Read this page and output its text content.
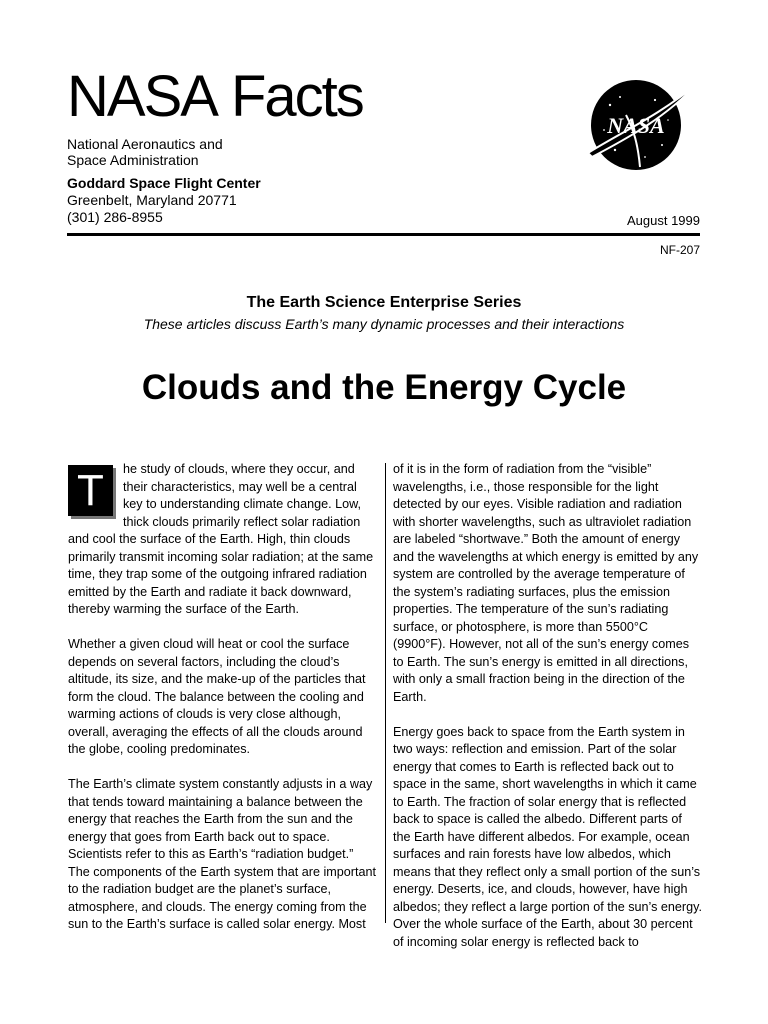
NASA Facts
National Aeronautics and
Space Administration
Goddard Space Flight Center
Greenbelt, Maryland 20771
(301) 286-8955
NASA
August 1999
NF-207
The Earth Science Enterprise Series
These articles discuss Earth’s many dynamic processes and their interactions
Clouds and the Energy Cycle

T	he study of clouds, where they occur, and their characteristics, may well be a central key to understanding climate change. Low, thick clouds primarily reflect solar radiation and cool the surface of the Earth. High, thin clouds primarily transmit incoming solar radiation; at the same time, they trap some of the outgoing infrared radiation emitted by the Earth and radiate it back downward, thereby warming the surface of the Earth.

Whether a given cloud will heat or cool the surface depends on several factors, including the cloud’s altitude, its size, and the make-up of the particles that form the cloud. The balance between the cooling and warming actions of clouds is very close although, overall, averaging the effects of all the clouds around the globe, cooling predominates.

The Earth’s climate system constantly adjusts in a way that tends toward maintaining a balance between the energy that reaches the Earth from the sun and the energy that goes from Earth back out to space. Scientists refer to this as Earth’s “radiation budget.” The components of the Earth system that are important to the radiation budget are the planet’s surface, atmosphere, and clouds. The energy coming from the sun to the Earth’s surface is called solar energy. Most

of it is in the form of radiation from the “visible” wavelengths, i.e., those responsible for the light detected by our eyes. Visible radiation and radiation with shorter wavelengths, such as ultraviolet radiation are labeled “shortwave.” Both the amount of energy and the wavelengths at which energy is emitted by any system are controlled by the average temperature of the system’s radiating surfaces, plus the emission properties. The temperature of the sun’s radiating surface, or photosphere, is more than 5500°C (9900°F). However, not all of the sun’s energy comes to Earth. The sun’s energy is emitted in all directions, with only a small fraction being in the direction of the Earth.

Energy goes back to space from the Earth system in two ways: reflection and emission. Part of the solar energy that comes to Earth is reflected back out to space in the same, short wavelengths in which it came to Earth. The fraction of solar energy that is reflected back to space is called the albedo. Different parts of the Earth have different albedos. For example, ocean surfaces and rain forests have low albedos, which means that they reflect only a small portion of the sun’s energy. Deserts, ice, and clouds, however, have high albedos; they reflect a large portion of the sun’s energy. Over the whole surface of the Earth, about 30 percent of incoming solar energy is reflected back to
